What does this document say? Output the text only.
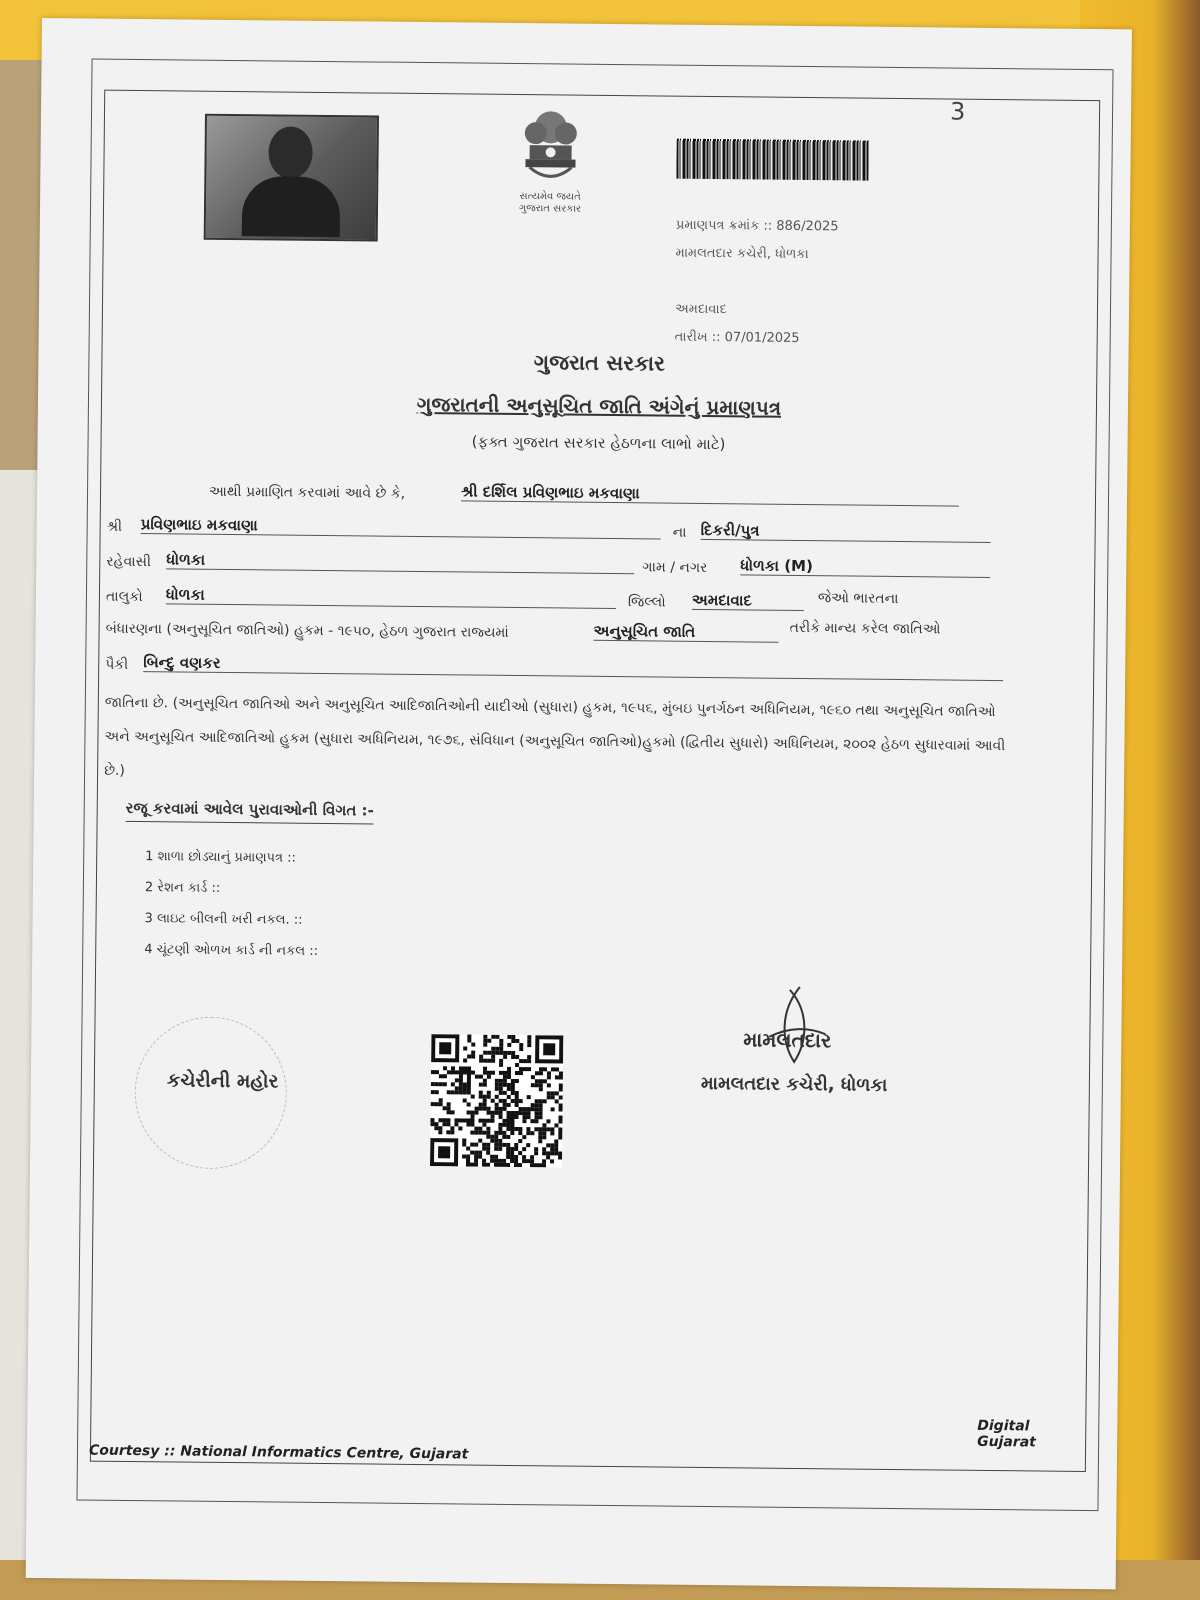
3
સત્યમેવ જયતે
ગુજરાત સરકાર
પ્રમાણપત્ર ક્રમાંક :: 886/2025
મામલતદાર કચેરી, ધોળકા
અમદાવાદ
તારીખ :: 07/01/2025
ગુજરાત સરકાર
ગુજરાતની અનુસૂચિત જાતિ અંગેનું પ્રમાણપત્ર
(ફક્ત ગુજરાત સરકાર હેઠળના લાભો માટે)
આથી પ્રમાણિત કરવામાં આવે છે કે,	શ્રી દર્શિલ પ્રવિણભાઇ મકવાણા
શ્રી પ્રવિણભાઇ મકવાણા	ના દિકરી/પુત્ર
રહેવાસી ધોળકા	ગામ / નગર ધોળકા (M)
તાલુકો ધોળકા	જિલ્લો અમદાવાદ	જેઓ ભારતના
બંધારણના (અનુસૂચિત જાતિઓ) હુકમ - ૧૯૫૦, હેઠળ ગુજરાત રાજ્યમાં	અનુસૂચિત જાતિ	તરીકે માન્ય કરેલ જાતિઓ
પૈકી બિન્દુ વણકર
જાતિના છે. (અનુસૂચિત જાતિઓ અને અનુસૂચિત આદિજાતિઓની યાદીઓ (સુધારા) હુકમ, ૧૯૫૬, મુંબઇ પુનર્ગઠન અધિનિયમ, ૧૯૬૦ તથા અનુસૂચિત જાતિઓ અને અનુસૂચિત આદિજાતિઓ હુકમ (સુધારા અધિનિયમ, ૧૯૭૬, સંવિધાન (અનુસૂચિત જાતિઓ)હુકમો (દ્વિતીય સુધારો) અધિનિયમ, ૨૦૦૨ હેઠળ સુધારવામાં આવી છે.)
રજૂ કરવામાં આવેલ પુરાવાઓની વિગત :-
1 શાળા છોડ્યાનું પ્રમાણપત્ર ::
2 રેશન કાર્ડ ::
3 લાઇટ બીલની ખરી નકલ. ::
4 ચૂંટણી ઓળખ કાર્ડ ની નકલ ::
કચેરીની મહોર
મામલતદાર
મામલતદાર કચેરી, ધોળકા
Digital Gujarat
Courtesy :: National Informatics Centre, Gujarat
